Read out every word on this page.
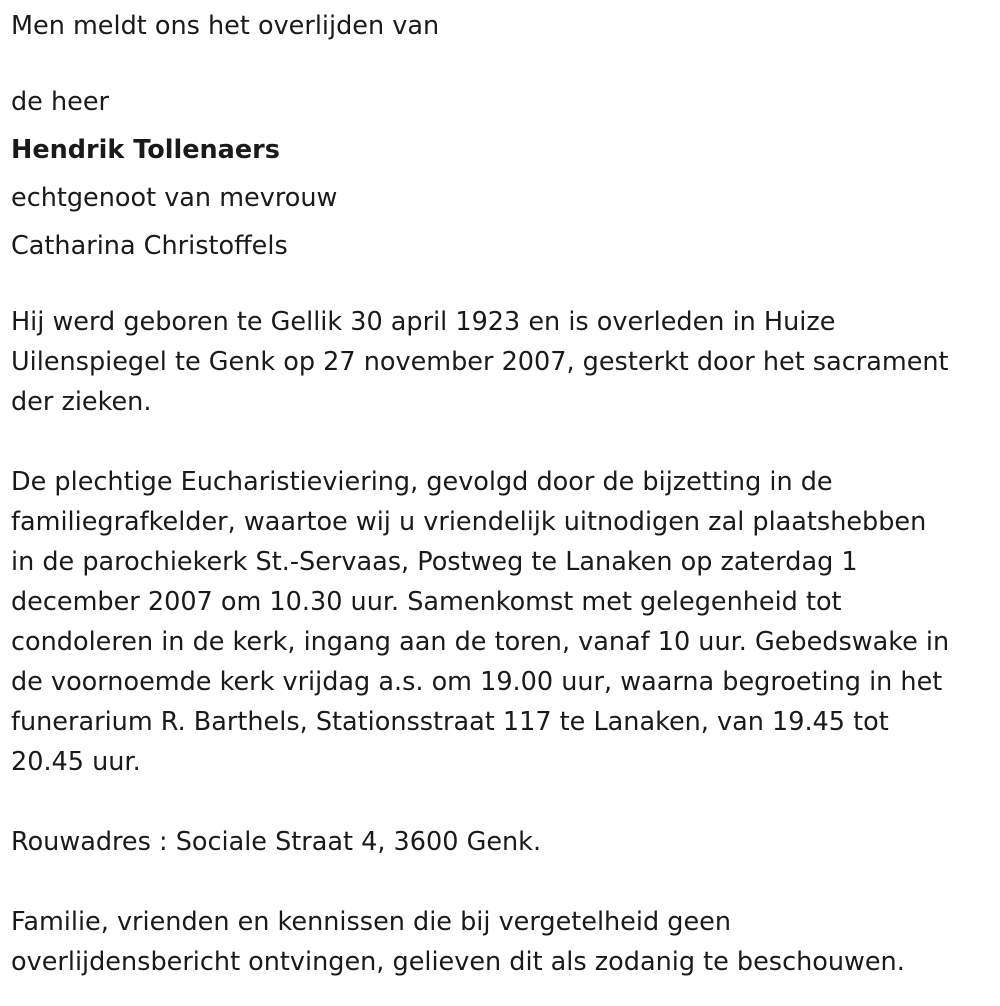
Men meldt ons het overlijden van

de heer

Hendrik Tollenaers

echtgenoot van mevrouw

Catharina Christoffels

Hij werd geboren te Gellik 30 april 1923 en is overleden in Huize

Uilenspiegel te Genk op 27 november 2007, gesterkt door het sacrament

der zieken.

De plechtige Eucharistieviering, gevolgd door de bijzetting in de

familiegrafkelder, waartoe wij u vriendelijk uitnodigen zal plaatshebben

in de parochiekerk St.-Servaas, Postweg te Lanaken op zaterdag 1

december 2007 om 10.30 uur. Samenkomst met gelegenheid tot

condoleren in de kerk, ingang aan de toren, vanaf 10 uur. Gebedswake in

de voornoemde kerk vrijdag a.s. om 19.00 uur, waarna begroeting in het

funerarium R. Barthels, Stationsstraat 117 te Lanaken, van 19.45 tot

20.45 uur.

Rouwadres : Sociale Straat 4, 3600 Genk.

Familie, vrienden en kennissen die bij vergetelheid geen

overlijdensbericht ontvingen, gelieven dit als zodanig te beschouwen.
